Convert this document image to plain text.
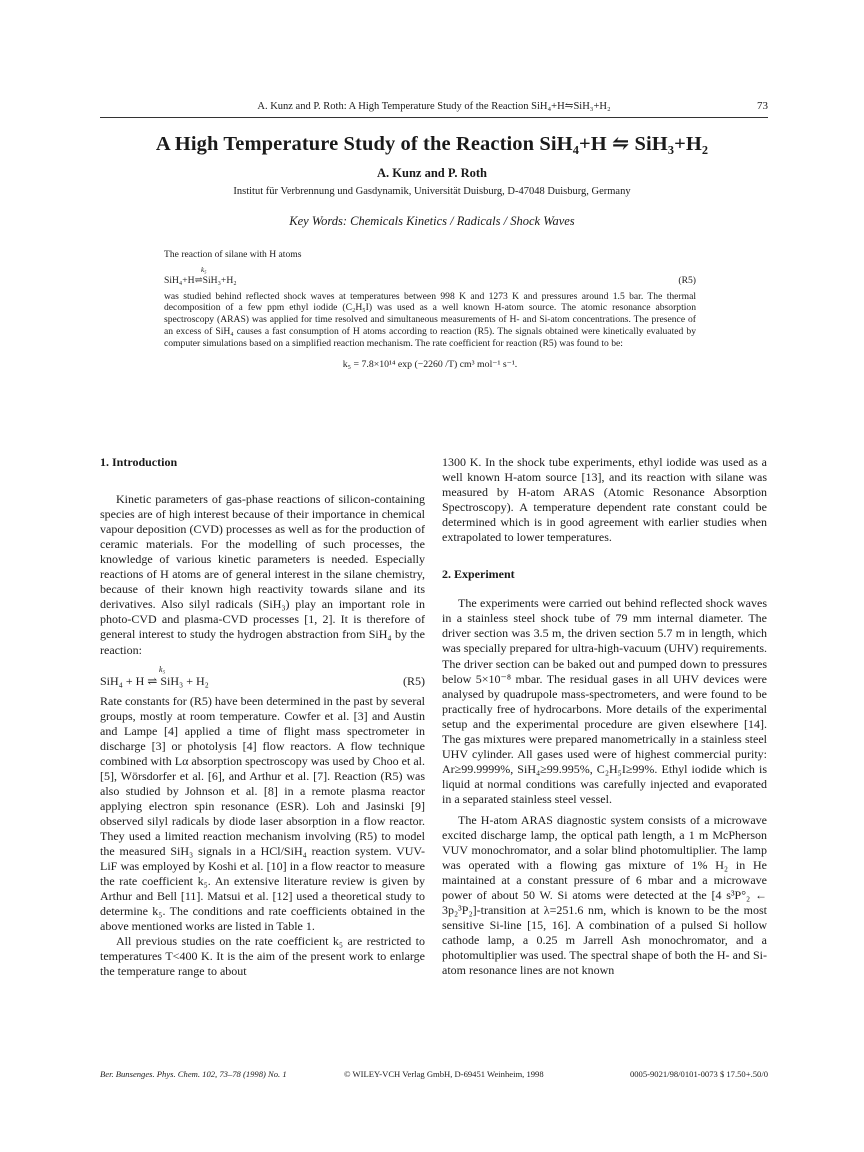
A. Kunz and P. Roth: A High Temperature Study of the Reaction SiH₄+H⇋SiH₃+H₂	73
A High Temperature Study of the Reaction SiH₄+H ⇋ SiH₃+H₂
A. Kunz and P. Roth
Institut für Verbrennung und Gasdynamik, Universität Duisburg, D-47048 Duisburg, Germany
Key Words: Chemicals Kinetics / Radicals / Shock Waves

The reaction of silane with H atoms

k₅
SiH₄+H⇌SiH₃+H₂	(R5)

was studied behind reflected shock waves at temperatures between 998 K and 1273 K and pressures around 1.5 bar. The thermal decomposition of a few ppm ethyl iodide (C₂H₅I) was used as a well known H-atom source. The atomic resonance absorption spectroscopy (ARAS) was applied for time resolved and simultaneous measurements of H- and Si-atom concentrations. The presence of an excess of SiH₄ causes a fast consumption of H atoms according to reaction (R5). The signals obtained were kinetically evaluated by computer simulations based on a simplified reaction mechanism. The rate coefficient for reaction (R5) was found to be:

k₅ = 7.8×10¹⁴ exp (−2260 /T) cm³ mol⁻¹ s⁻¹.
1. Introduction

Kinetic parameters of gas-phase reactions of silicon-containing species are of high interest because of their importance in chemical vapour deposition (CVD) processes as well as for the production of ceramic materials. For the modelling of such processes, the knowledge of various kinetic parameters is needed. Especially reactions of H atoms are of general interest in the silane chemistry, because of their known high reactivity towards silane and its derivatives. Also silyl radicals (SiH₃) play an important role in photo-CVD and plasma-CVD processes [1, 2]. It is therefore of general interest to study the hydrogen abstraction from SiH₄ by the reaction:

k₅
SiH₄ + H ⇌ SiH₃ + H₂	(R5)

Rate constants for (R5) have been determined in the past by several groups, mostly at room temperature. Cowfer et al. [3] and Austin and Lampe [4] applied a time of flight mass spectrometer in discharge [3] or photolysis [4] flow reactors. A flow technique combined with Lα absorption spectroscopy was used by Choo et al. [5], Wörsdorfer et al. [6], and Arthur et al. [7]. Reaction (R5) was also studied by Johnson et al. [8] in a remote plasma reactor applying electron spin resonance (ESR). Loh and Jasinski [9] observed silyl radicals by diode laser absorption in a flow reactor. They used a limited reaction mechanism involving (R5) to model the measured SiH₃ signals in a HCl/SiH₄ reaction system. VUV-LiF was employed by Koshi et al. [10] in a flow reactor to measure the rate coefficient k₅. An extensive literature review is given by Arthur and Bell [11]. Matsui et al. [12] used a theoretical study to determine k₅. The conditions and rate coefficients obtained in the above mentioned works are listed in Table 1.

All previous studies on the rate coefficient k₅ are restricted to temperatures T<400 K. It is the aim of the present work to enlarge the temperature range to about

1300 K. In the shock tube experiments, ethyl iodide was used as a well known H-atom source [13], and its reaction with silane was measured by H-atom ARAS (Atomic Resonance Absorption Spectroscopy). A temperature dependent rate constant could be determined which is in good agreement with earlier studies when extrapolated to lower temperatures.

2. Experiment

The experiments were carried out behind reflected shock waves in a stainless steel shock tube of 79 mm internal diameter. The driver section was 3.5 m, the driven section 5.7 m in length, which was specially prepared for ultra-high-vacuum (UHV) requirements. The driver section can be baked out and pumped down to pressures below 5×10⁻⁸ mbar. The residual gases in all UHV devices were analysed by quadrupole mass-spectrometers, and were found to be practically free of hydrocarbons. More details of the experimental setup and the experimental procedure are given elsewhere [14]. The gas mixtures were prepared manometrically in a stainless steel UHV cylinder. All gases used were of highest commercial purity: Ar≥99.9999%, SiH₄≥99.995%, C₂H₅I≥99%. Ethyl iodide which is liquid at normal conditions was carefully injected and evaporated in a separated stainless steel vessel.

The H-atom ARAS diagnostic system consists of a microwave excited discharge lamp, the optical path length, a 1 m McPherson VUV monochromator, and a solar blind photomultiplier. The lamp was operated with a flowing gas mixture of 1% H₂ in He maintained at a constant pressure of 6 mbar and a microwave power of about 50 W. Si atoms were detected at the [4 s³P°₂ ← 3p₂³P₂]-transition at λ=251.6 nm, which is known to be the most sensitive Si-line [15, 16]. A combination of a pulsed Si hollow cathode lamp, a 0.25 m Jarrell Ash monochromator, and a photomultiplier was used. The spectral shape of both the H- and Si-atom resonance lines are not known

Ber. Bunsenges. Phys. Chem. 102, 73–78 (1998) No. 1	© WILEY-VCH Verlag GmbH, D-69451 Weinheim, 1998	0005-9021/98/0101-0073 $ 17.50+.50/0
